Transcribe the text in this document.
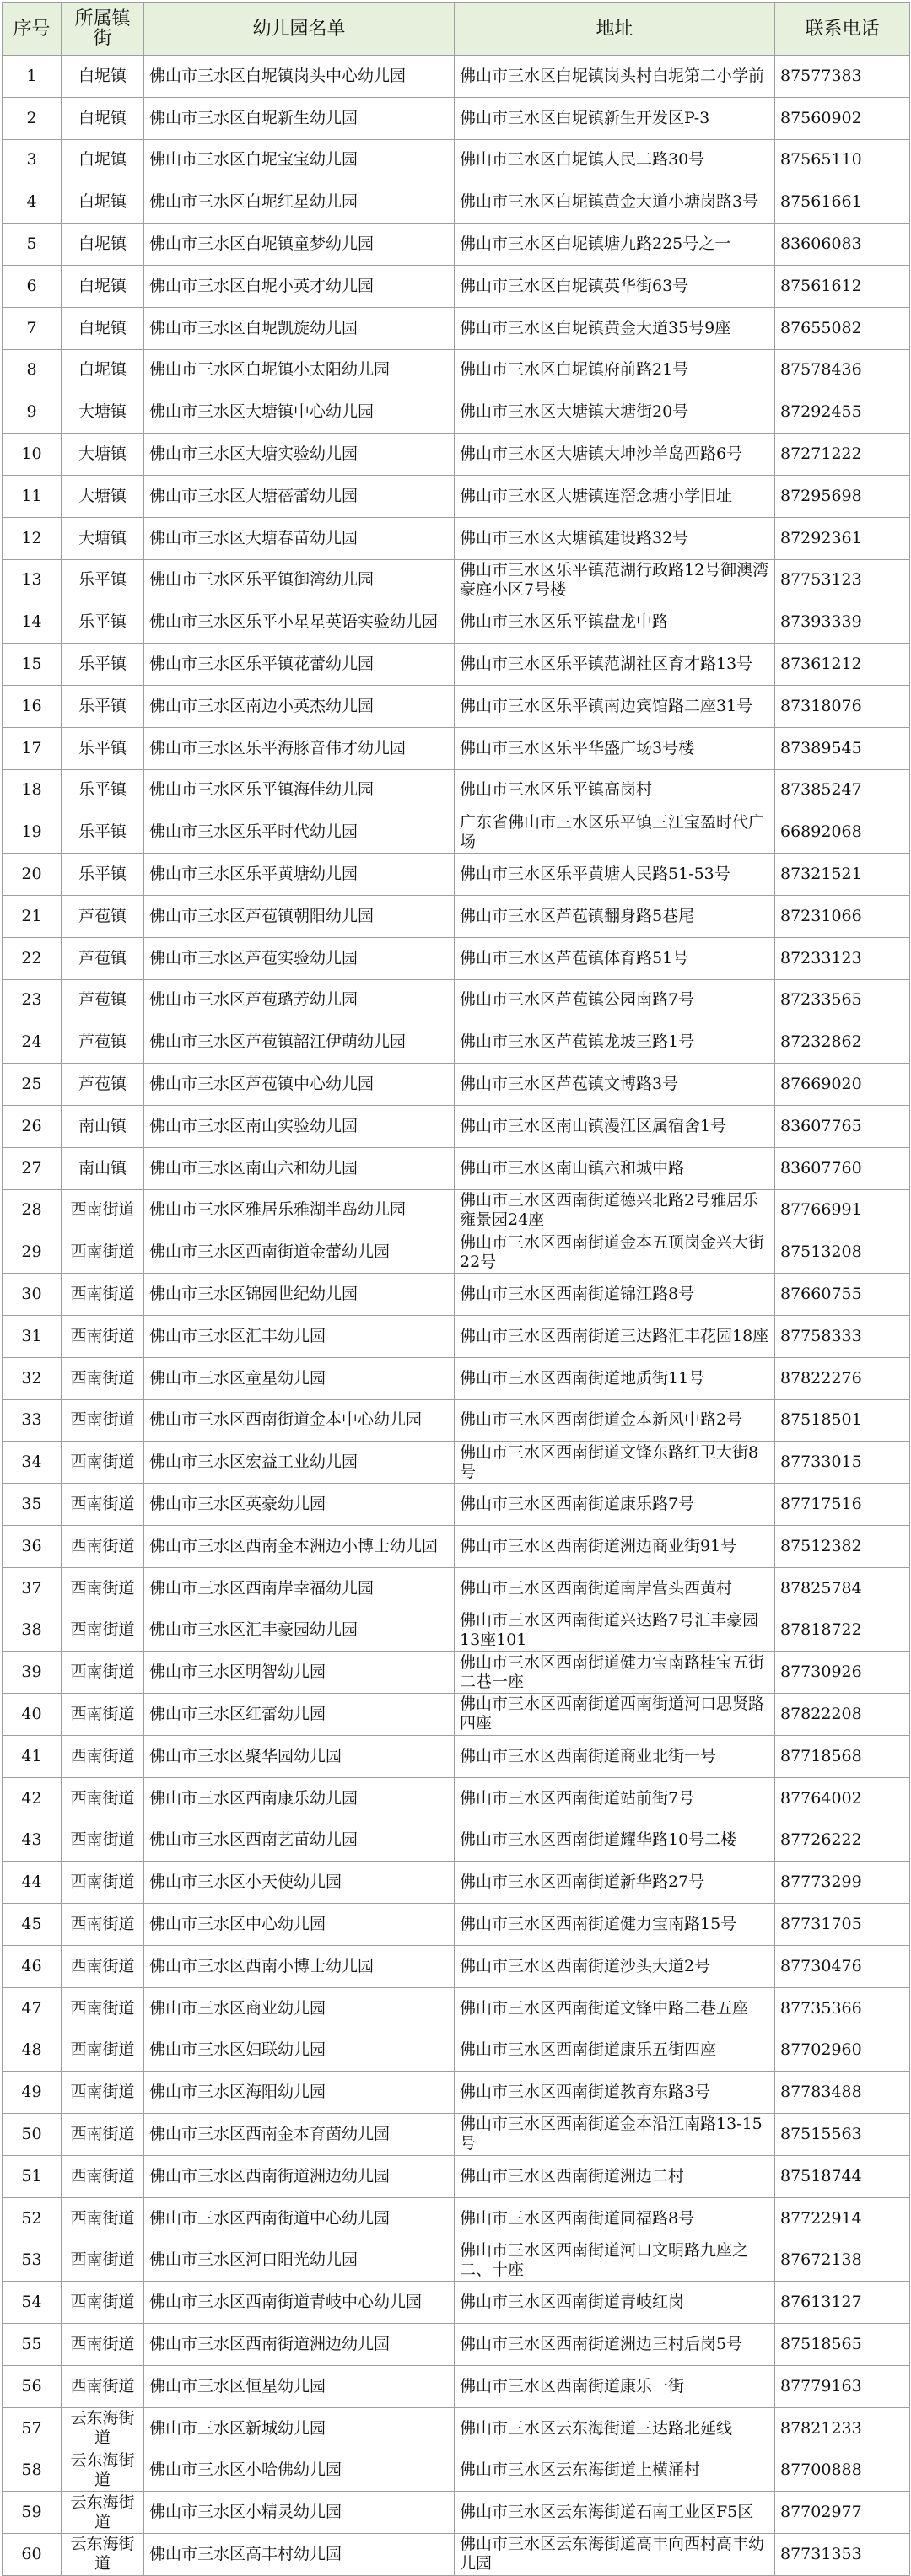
序号	所属镇街	幼儿园名单	地址	联系电话
1	白坭镇	佛山市三水区白坭镇岗头中心幼儿园	佛山市三水区白坭镇岗头村白坭第二小学前	87577383
2	白坭镇	佛山市三水区白坭新生幼儿园	佛山市三水区白坭镇新生开发区P-3	87560902
3	白坭镇	佛山市三水区白坭宝宝幼儿园	佛山市三水区白坭镇人民二路30号	87565110
4	白坭镇	佛山市三水区白坭红星幼儿园	佛山市三水区白坭镇黄金大道小塘岗路3号	87561661
5	白坭镇	佛山市三水区白坭镇童梦幼儿园	佛山市三水区白坭镇塘九路225号之一	83606083
6	白坭镇	佛山市三水区白坭小英才幼儿园	佛山市三水区白坭镇英华街63号	87561612
7	白坭镇	佛山市三水区白坭凯旋幼儿园	佛山市三水区白坭镇黄金大道35号9座	87655082
8	白坭镇	佛山市三水区白坭镇小太阳幼儿园	佛山市三水区白坭镇府前路21号	87578436
9	大塘镇	佛山市三水区大塘镇中心幼儿园	佛山市三水区大塘镇大塘街20号	87292455
10	大塘镇	佛山市三水区大塘实验幼儿园	佛山市三水区大塘镇大坤沙羊岛西路6号	87271222
11	大塘镇	佛山市三水区大塘蓓蕾幼儿园	佛山市三水区大塘镇连滘念塘小学旧址	87295698
12	大塘镇	佛山市三水区大塘春苗幼儿园	佛山市三水区大塘镇建设路32号	87292361
13	乐平镇	佛山市三水区乐平镇御湾幼儿园	佛山市三水区乐平镇范湖行政路12号御澳湾豪庭小区7号楼	87753123
14	乐平镇	佛山市三水区乐平小星星英语实验幼儿园	佛山市三水区乐平镇盘龙中路	87393339
15	乐平镇	佛山市三水区乐平镇花蕾幼儿园	佛山市三水区乐平镇范湖社区育才路13号	87361212
16	乐平镇	佛山市三水区南边小英杰幼儿园	佛山市三水区乐平镇南边宾馆路二座31号	87318076
17	乐平镇	佛山市三水区乐平海豚音伟才幼儿园	佛山市三水区乐平华盛广场3号楼	87389545
18	乐平镇	佛山市三水区乐平镇海佳幼儿园	佛山市三水区乐平镇高岗村	87385247
19	乐平镇	佛山市三水区乐平时代幼儿园	广东省佛山市三水区乐平镇三江宝盈时代广场	66892068
20	乐平镇	佛山市三水区乐平黄塘幼儿园	佛山市三水区乐平黄塘人民路51-53号	87321521
21	芦苞镇	佛山市三水区芦苞镇朝阳幼儿园	佛山市三水区芦苞镇翻身路5巷尾	87231066
22	芦苞镇	佛山市三水区芦苞实验幼儿园	佛山市三水区芦苞镇体育路51号	87233123
23	芦苞镇	佛山市三水区芦苞璐芳幼儿园	佛山市三水区芦苞镇公园南路7号	87233565
24	芦苞镇	佛山市三水区芦苞镇韶江伊萌幼儿园	佛山市三水区芦苞镇龙坡三路1号	87232862
25	芦苞镇	佛山市三水区芦苞镇中心幼儿园	佛山市三水区芦苞镇文博路3号	87669020
26	南山镇	佛山市三水区南山实验幼儿园	佛山市三水区南山镇漫江区属宿舍1号	83607765
27	南山镇	佛山市三水区南山六和幼儿园	佛山市三水区南山镇六和城中路	83607760
28	西南街道	佛山市三水区雅居乐雅湖半岛幼儿园	佛山市三水区西南街道德兴北路2号雅居乐雍景园24座	87766991
29	西南街道	佛山市三水区西南街道金蕾幼儿园	佛山市三水区西南街道金本五顶岗金兴大街22号	87513208
30	西南街道	佛山市三水区锦园世纪幼儿园	佛山市三水区西南街道锦江路8号	87660755
31	西南街道	佛山市三水区汇丰幼儿园	佛山市三水区西南街道三达路汇丰花园18座	87758333
32	西南街道	佛山市三水区童星幼儿园	佛山市三水区西南街道地质街11号	87822276
33	西南街道	佛山市三水区西南街道金本中心幼儿园	佛山市三水区西南街道金本新风中路2号	87518501
34	西南街道	佛山市三水区宏益工业幼儿园	佛山市三水区西南街道文锋东路红卫大街8号	87733015
35	西南街道	佛山市三水区英豪幼儿园	佛山市三水区西南街道康乐路7号	87717516
36	西南街道	佛山市三水区西南金本洲边小博士幼儿园	佛山市三水区西南街道洲边商业街91号	87512382
37	西南街道	佛山市三水区西南岸幸福幼儿园	佛山市三水区西南街道南岸营头西黄村	87825784
38	西南街道	佛山市三水区汇丰豪园幼儿园	佛山市三水区西南街道兴达路7号汇丰豪园13座101	87818722
39	西南街道	佛山市三水区明智幼儿园	佛山市三水区西南街道健力宝南路桂宝五街二巷一座	87730926
40	西南街道	佛山市三水区红蕾幼儿园	佛山市三水区西南街道西南街道河口思贤路四座	87822208
41	西南街道	佛山市三水区聚华园幼儿园	佛山市三水区西南街道商业北街一号	87718568
42	西南街道	佛山市三水区西南康乐幼儿园	佛山市三水区西南街道站前街7号	87764002
43	西南街道	佛山市三水区西南艺苗幼儿园	佛山市三水区西南街道耀华路10号二楼	87726222
44	西南街道	佛山市三水区小天使幼儿园	佛山市三水区西南街道新华路27号	87773299
45	西南街道	佛山市三水区中心幼儿园	佛山市三水区西南街道健力宝南路15号	87731705
46	西南街道	佛山市三水区西南小博士幼儿园	佛山市三水区西南街道沙头大道2号	87730476
47	西南街道	佛山市三水区商业幼儿园	佛山市三水区西南街道文锋中路二巷五座	87735366
48	西南街道	佛山市三水区妇联幼儿园	佛山市三水区西南街道康乐五街四座	87702960
49	西南街道	佛山市三水区海阳幼儿园	佛山市三水区西南街道教育东路3号	87783488
50	西南街道	佛山市三水区西南金本育茵幼儿园	佛山市三水区西南街道金本沿江南路13-15号	87515563
51	西南街道	佛山市三水区西南街道洲边幼儿园	佛山市三水区西南街道洲边二村	87518744
52	西南街道	佛山市三水区西南街道中心幼儿园	佛山市三水区西南街道同福路8号	87722914
53	西南街道	佛山市三水区河口阳光幼儿园	佛山市三水区西南街道河口文明路九座之二、十座	87672138
54	西南街道	佛山市三水区西南街道青岐中心幼儿园	佛山市三水区西南街道青岐红岗	87613127
55	西南街道	佛山市三水区西南街道洲边幼儿园	佛山市三水区西南街道洲边三村后岗5号	87518565
56	西南街道	佛山市三水区恒星幼儿园	佛山市三水区西南街道康乐一街	87779163
57	云东海街道	佛山市三水区新城幼儿园	佛山市三水区云东海街道三达路北延线	87821233
58	云东海街道	佛山市三水区小哈佛幼儿园	佛山市三水区云东海街道上横涌村	87700888
59	云东海街道	佛山市三水区小精灵幼儿园	佛山市三水区云东海街道石南工业区F5区	87702977
60	云东海街道	佛山市三水区高丰村幼儿园	佛山市三水区云东海街道高丰向西村高丰幼儿园	87731353
